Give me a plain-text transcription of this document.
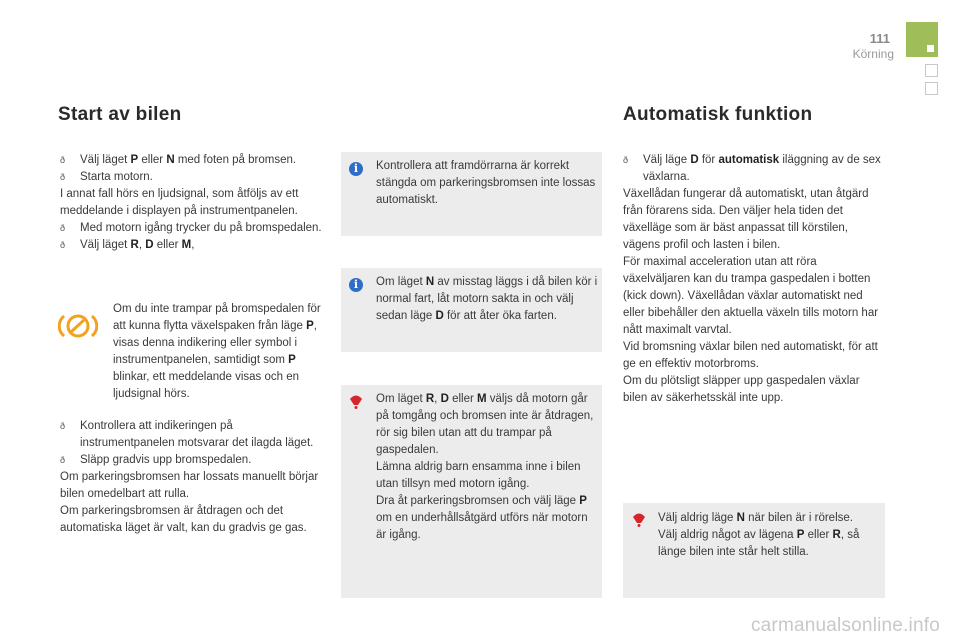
111
Körning
Start av bilen
ð Välj läget P eller N med foten på bromsen.
ð Starta motorn.

I annat fall hörs en ljudsignal, som åtföljs av ett meddelande i displayen på instrumentpanelen.

ð Med motorn igång trycker du på bromspedalen.
ð Välj läget R, D eller M,
Om du inte trampar på bromspedalen för att kunna flytta växelspaken från läge P, visas denna indikering eller symbol i instrumentpanelen, samtidigt som P blinkar, ett meddelande visas och en ljudsignal hörs.
ð Kontrollera att indikeringen på instrumentpanelen motsvarar det ilagda läget.
ð Släpp gradvis upp bromspedalen.

Om parkeringsbromsen har lossats manuellt börjar bilen omedelbart att rulla.

Om parkeringsbromsen är åtdragen och det automatiska läget är valt, kan du gradvis ge gas.

i	Kontrollera att framdörrarna är korrekt stängda om parkeringsbromsen inte lossas automatiskt.

i	Om läget N av misstag läggs i då bilen kör i normal fart, låt motorn sakta in och välj sedan läge D för att åter öka farten.

Om läget R, D eller M väljs då motorn går på tomgång och bromsen inte är åtdragen, rör sig bilen utan att du trampar på gaspedalen.

Lämna aldrig barn ensamma inne i bilen utan tillsyn med motorn igång.

Dra åt parkeringsbromsen och välj läge P om en underhållsåtgärd utförs när motorn är igång.

Automatisk funktion
ð Välj läge D för automatisk iläggning av de sex växlarna.

Växellådan fungerar då automatiskt, utan åtgärd från förarens sida. Den väljer hela tiden det växelläge som är bäst anpassat till körstilen, vägens profil och lasten i bilen.

För maximal acceleration utan att röra växelväljaren kan du trampa gaspedalen i botten (kick down). Växellådan växlar automatiskt ned eller bibehåller den aktuella växeln tills motorn har nått maximalt varvtal.

Vid bromsning växlar bilen ned automatiskt, för att ge en effektiv motorbroms.

Om du plötsligt släpper upp gaspedalen växlar bilen av säkerhetsskäl inte upp.

Välj aldrig läge N när bilen är i rörelse.

Välj aldrig något av lägena P eller R, så länge bilen inte står helt stilla.

carmanualsonline.info
